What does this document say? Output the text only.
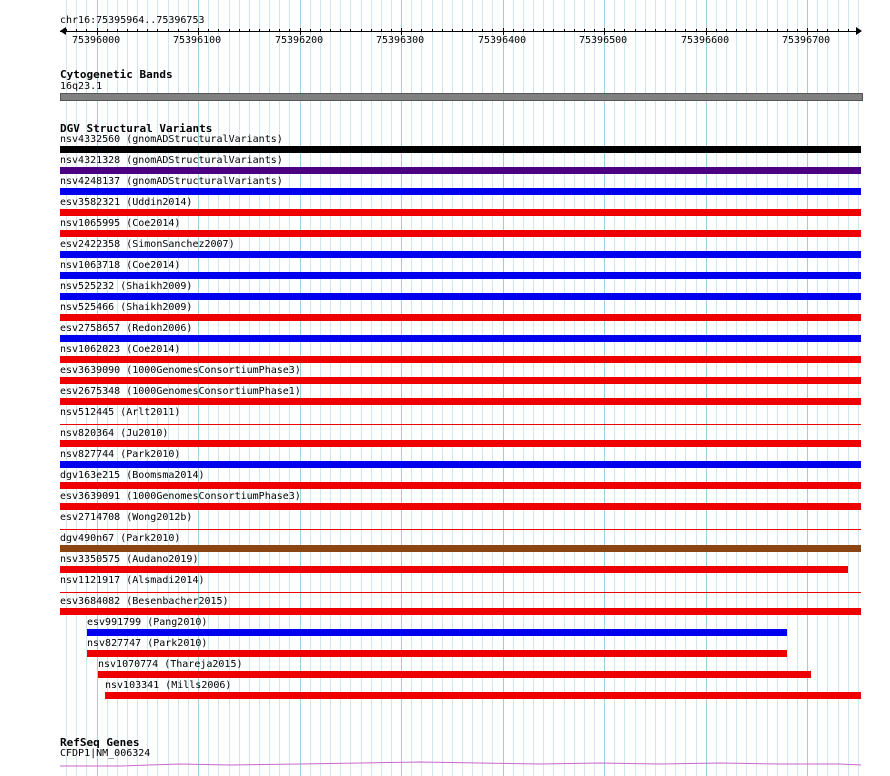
chr16:75395964..75396753
75396000	75396100	75396200	75396300	75396400	75396500	75396600	75396700
Cytogenetic Bands
16q23.1
DGV Structural Variants
nsv4332560 (gnomADStructuralVariants)
nsv4321328 (gnomADStructuralVariants)
nsv4248137 (gnomADStructuralVariants)
esv3582321 (Uddin2014)
nsv1065995 (Coe2014)
esv2422358 (SimonSanchez2007)
nsv1063718 (Coe2014)
nsv525232 (Shaikh2009)
nsv525466 (Shaikh2009)
esv2758657 (Redon2006)
nsv1062023 (Coe2014)
esv3639090 (1000GenomesConsortiumPhase3)
esv2675348 (1000GenomesConsortiumPhase1)
nsv512445 (Arlt2011)
nsv820364 (Ju2010)
nsv827744 (Park2010)
dgv163e215 (Boomsma2014)
esv3639091 (1000GenomesConsortiumPhase3)
esv2714708 (Wong2012b)
dgv490n67 (Park2010)
nsv3350575 (Audano2019)
nsv1121917 (Alsmadi2014)
esv3684082 (Besenbacher2015)
esv991799 (Pang2010)
nsv827747 (Park2010)
nsv1070774 (Thareja2015)
nsv103341 (Mills2006)
RefSeq Genes
CFDP1|NM_006324
